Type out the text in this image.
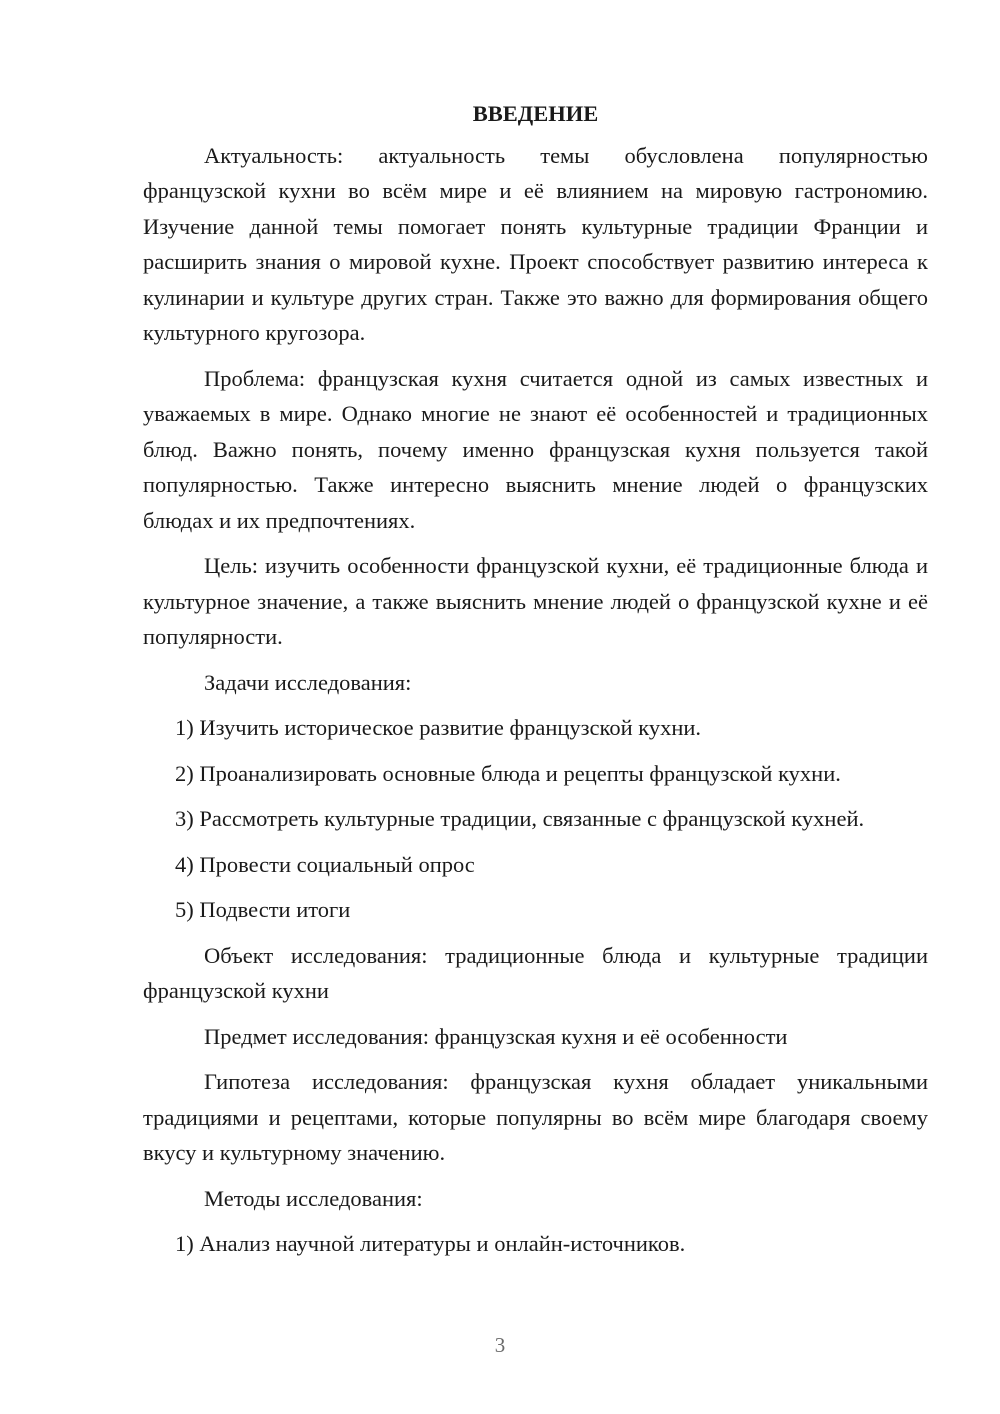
ВВЕДЕНИЕ

Актуальность: актуальность темы обусловлена популярностью французской кухни во всём мире и её влиянием на мировую гастрономию. Изучение данной темы помогает понять культурные традиции Франции и расширить знания о мировой кухне. Проект способствует развитию интереса к кулинарии и культуре других стран. Также это важно для формирования общего культурного кругозора.

Проблема: французская кухня считается одной из самых известных и уважаемых в мире. Однако многие не знают её особенностей и традиционных блюд. Важно понять, почему именно французская кухня пользуется такой популярностью. Также интересно выяснить мнение людей о французских блюдах и их предпочтениях.

Цель: изучить особенности французской кухни, её традиционные блюда и культурное значение, а также выяснить мнение людей о французской кухне и её популярности.

Задачи исследования:

1) Изучить историческое развитие французской кухни.

2) Проанализировать основные блюда и рецепты французской кухни.

3) Рассмотреть культурные традиции, связанные с французской кухней.

4) Провести социальный опрос

5) Подвести итоги

Объект исследования: традиционные блюда и культурные традиции французской кухни

Предмет исследования: французская кухня и её особенности

Гипотеза исследования: французская кухня обладает уникальными традициями и рецептами, которые популярны во всём мире благодаря своему вкусу и культурному значению.

Методы исследования:

1) Анализ научной литературы и онлайн-источников.

3
